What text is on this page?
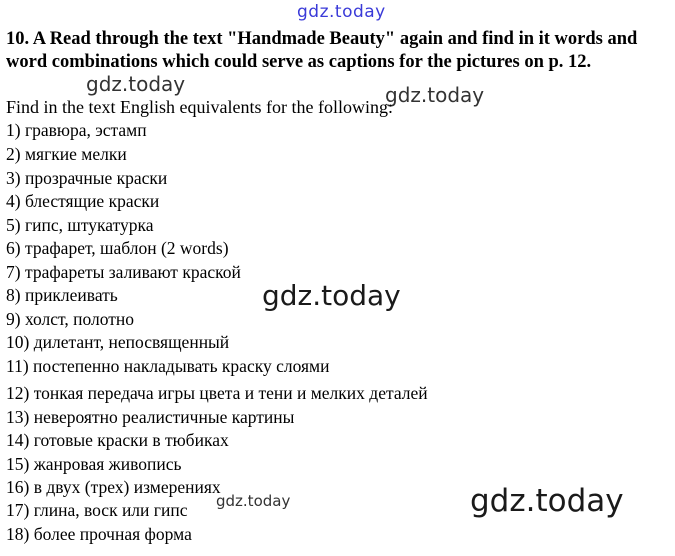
gdz.today

10. A Read through the text "Handmade Beauty" again and find in it words and word combinations which could serve as captions for the pictures on p. 12.

gdz.today	gdz.today

Find in the text English equivalents for the following:

1) гравюра, эстамп
2) мягкие мелки
3) прозрачные краски
4) блестящие краски
5) гипс, штукатурка
6) трафарет, шаблон (2 words)
7) трафареты заливают краской
8) приклеивать
9) холст, полотно
10) дилетант, непосвященный
11) постепенно накладывать краску слоями
12) тонкая передача игры цвета и тени и мелких деталей
13) невероятно реалистичные картины
14) готовые краски в тюбиках
15) жанровая живопись
16) в двух (трех) измерениях
17) глина, воск или гипс
18) более прочная форма
gdz.today
gdz.today	gdz.today
